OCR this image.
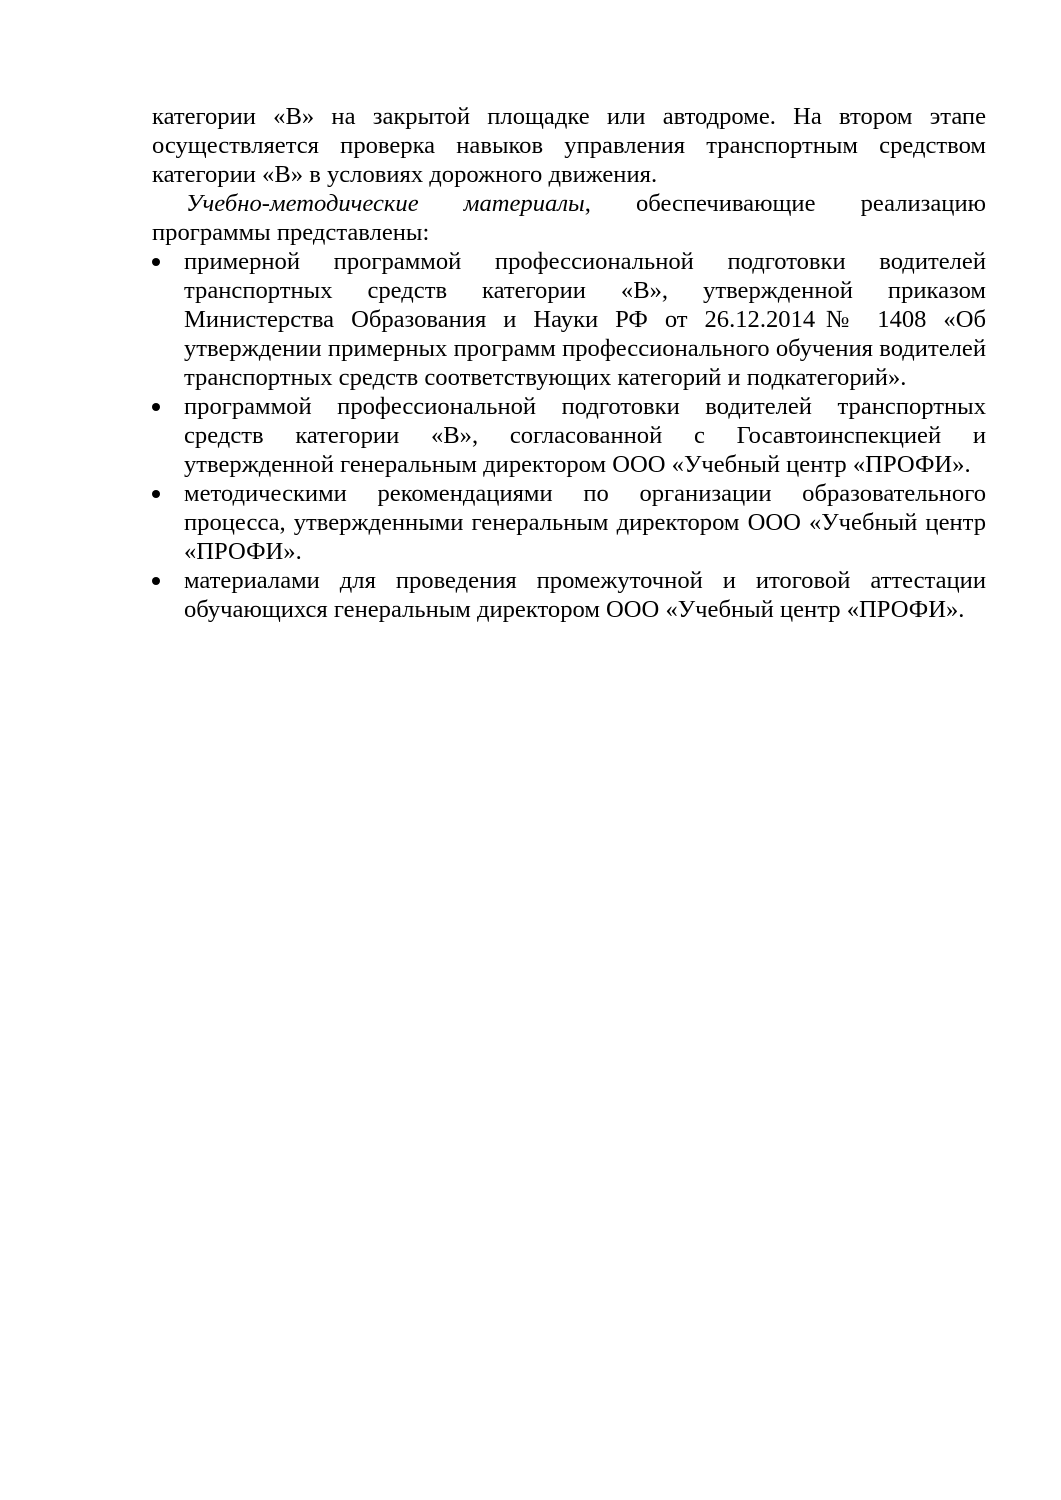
категории «В» на закрытой площадке или автодроме. На втором этапе осуществляется проверка навыков управления транспортным средством категории «В» в условиях дорожного движения.

Учебно-методические материалы, обеспечивающие реализацию программы представлены:

примерной программой профессиональной подготовки водителей транспортных средств категории «В», утвержденной приказом Министерства Образования и Науки РФ от 26.12.2014№ 1408 «Об утверждении примерных программ профессионального обучения водителей транспортных средств соответствующих категорий и подкатегорий».
программой профессиональной подготовки водителей транспортных средств категории «В», согласованной с Госавтоинспекцией и утвержденной генеральным директором ООО «Учебный центр «ПРОФИ».
методическими рекомендациями по организации образовательного процесса, утвержденными генеральным директором ООО «Учебный центр «ПРОФИ».
материалами для проведения промежуточной и итоговой аттестации обучающихся генеральным директором ООО «Учебный центр «ПРОФИ».
